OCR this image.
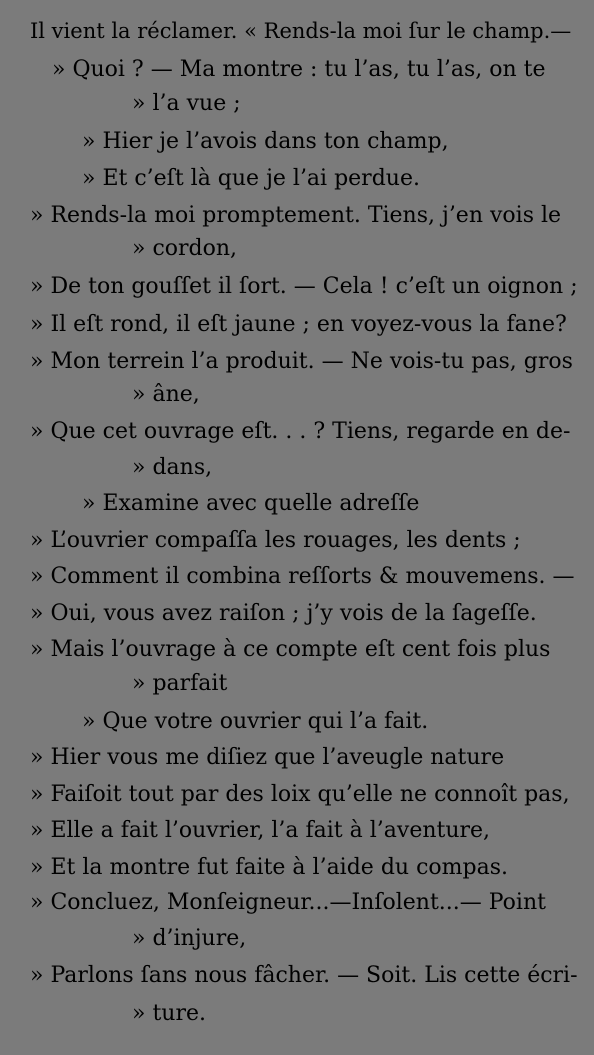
Il vient la réclamer. « Rends-la moi ſur le champ.—
» Quoi ? — Ma montre : tu l’as, tu l’as, on te
» l’a vue ;
» Hier je l’avois dans ton champ,
» Et c’eſt là que je l’ai perdue.
» Rends-la moi promptement. Tiens, j’en vois le
» cordon,
» De ton gouſſet il ſort. — Cela ! c’eſt un oignon ;
» Il eſt rond, il eſt jaune ; en voyez-vous la fane?
» Mon terrein l’a produit. — Ne vois-tu pas, gros
» âne,
» Que cet ouvrage eſt. . . ? Tiens, regarde en de-
» dans,
» Examine avec quelle adreſſe
» L’ouvrier compaſſa les rouages, les dents ;
» Comment il combina reſſorts & mouvemens. —
» Oui, vous avez raiſon ; j’y vois de la ſageſſe.
» Mais l’ouvrage à ce compte eſt cent fois plus
» parfait
» Que votre ouvrier qui l’a fait.
» Hier vous me diſiez que l’aveugle nature
» Faiſoit tout par des loix qu’elle ne connoît pas,
» Elle a fait l’ouvrier, l’a fait à l’aventure,
» Et la montre fut faite à l’aide du compas.
» Concluez, Monſeigneur...—Inſolent...— Point
» d’injure,
» Parlons ſans nous fâcher. — Soit. Lis cette écri-
» ture.
